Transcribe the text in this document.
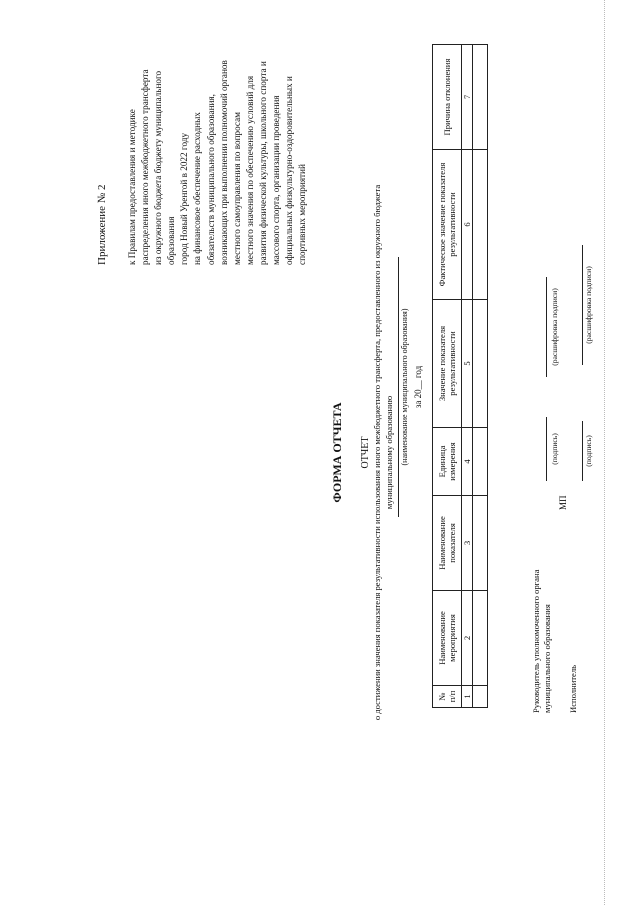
Приложение № 2 к Правилам предоставления и методике распределения иного межбюджетного трансферта из окружного бюджета бюджету муниципального образования город Новый Уренгой в 2022 году на финансовое обеспечение расходных обязательств муниципального образования, возникающих при выполнении полномочий органов местного самоуправления по вопросам местного значения по обеспечению условий для развития физической культуры, школьного спорта и массового спорта, организации проведения официальных физкультурно-оздоровительных и спортивных мероприятий
ФОРМА ОТЧЕТА ОТЧЕТ о достижении значения показателя результативности использования иного межбюджетного трансферта, предоставленного из окружного бюджета муниципальному образованию (наименование муниципального образования) за 20__ год
№ п/п	Наименование мероприятия	Наименование показателя	Единица измерения	Значение показателя результативности	Фактическое значение показателя результативности	Причина отклонения
1	2	3	4	5	6	7

Руководитель уполномоченного органа муниципального образования
(подпись)
(расшифровка подписи)
МП
Исполнитель
(подпись)
(расшифровка подписи)
